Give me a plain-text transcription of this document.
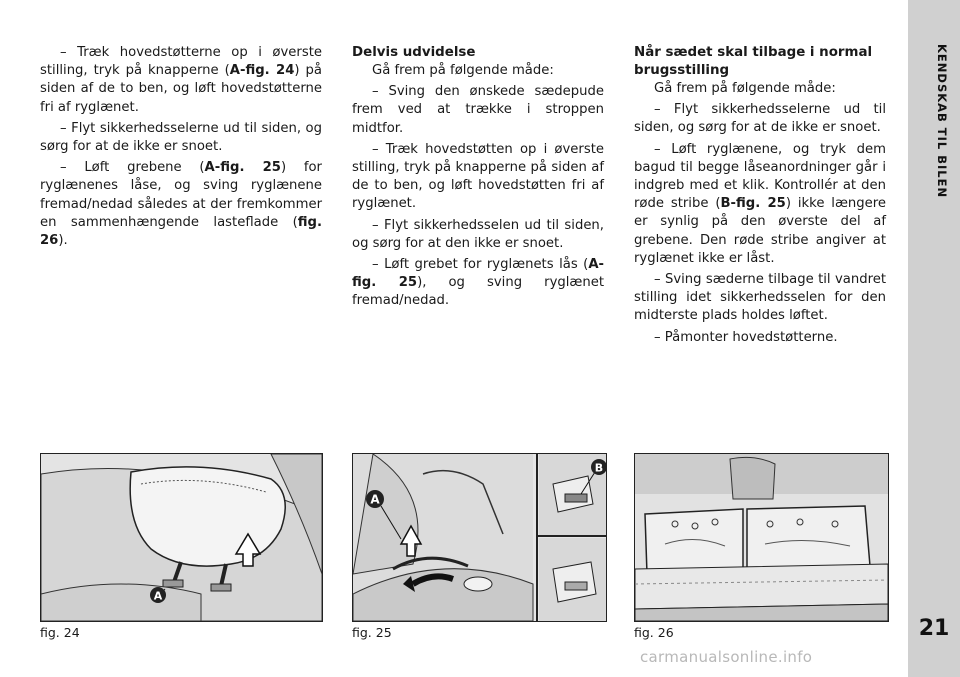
– Træk hovedstøtterne op i øverste stilling, tryk på knapperne (A-fig. 24) på siden af de to ben, og løft hovedstøtterne fri af ryglænet.

– Flyt sikkerhedsselerne ud til siden, og sørg for at de ikke er snoet.

– Løft grebene (A-fig. 25) for ryglænenes låse, og sving ryglænene fremad/nedad således at der fremkommer en sammenhængende lasteflade (fig. 26).

Delvis udvidelse

Gå frem på følgende måde:

– Sving den ønskede sædepude frem ved at trække i stroppen midtfor.

– Træk hovedstøtten op i øverste stilling, tryk på knapperne på siden af de to ben, og løft hovedstøtten fri af ryglænet.

– Flyt sikkerhedsselen ud til siden, og sørg for at den ikke er snoet.

– Løft grebet for ryglænets lås (A-fig. 25), og sving ryglænet fremad/nedad.

Når sædet skal tilbage i normal brugsstilling

Gå frem på følgende måde:

– Flyt sikkerhedsselerne ud til siden, og sørg for at de ikke er snoet.

– Løft ryglænene, og tryk dem bagud til begge låseanordninger går i indgreb med et klik. Kontrollér at den røde stribe (B-fig. 25) ikke længere er synlig på den øverste del af grebene. Den røde stribe angiver at ryglænet ikke er låst.

– Sving sæderne tilbage til vandret stilling idet sikkerhedsselen for den midterste plads holdes løftet.

– Påmonter hovedstøtterne.

A
fig. 24
A
B
fig. 25	fig. 26
KENDSKAB TIL BILEN
21
carmanualsonline.info
